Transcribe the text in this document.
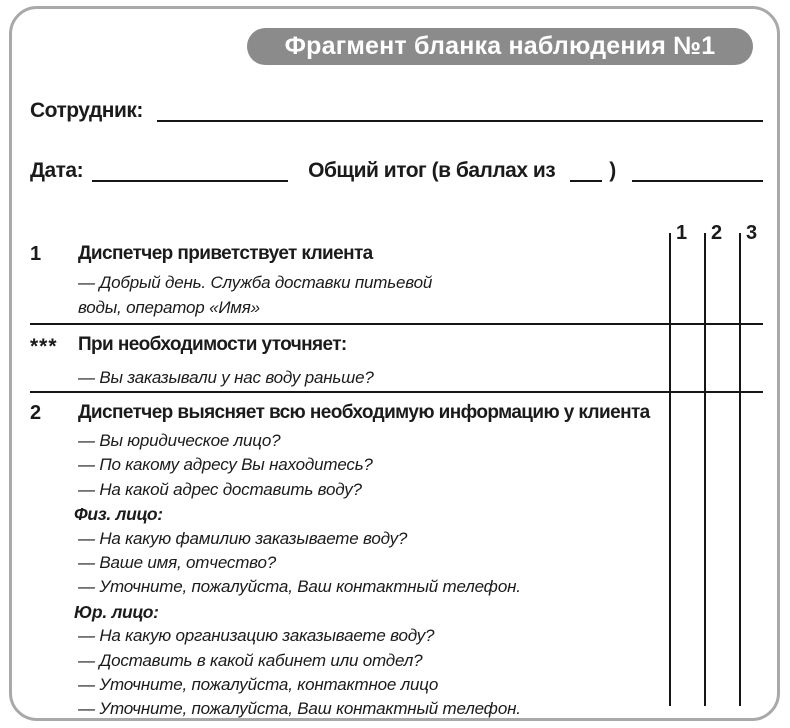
Фрагмент бланка наблюдения №1
Сотрудник:
Дата:	Общий итог (в баллах из	)
1	Диспетчер приветствует клиента
— Добрый день. Служба доставки питьевой воды, оператор «Имя»
***	При необходимости уточняет:
— Вы заказывали у нас воду раньше?
2	Диспетчер выясняет всю необходимую информацию у клиента
— Вы юридическое лицо?
— По какому адресу Вы находитесь?
— На какой адрес доставить воду?
Физ. лицо:
— На какую фамилию заказываете воду?
— Ваше имя, отчество?
— Уточните, пожалуйста, Ваш контактный телефон.
Юр. лицо:
— На какую организацию заказываете воду?
— Доставить в какой кабинет или отдел?
— Уточните, пожалуйста, контактное лицо
— Уточните, пожалуйста, Ваш контактный телефон.
1 2 3
